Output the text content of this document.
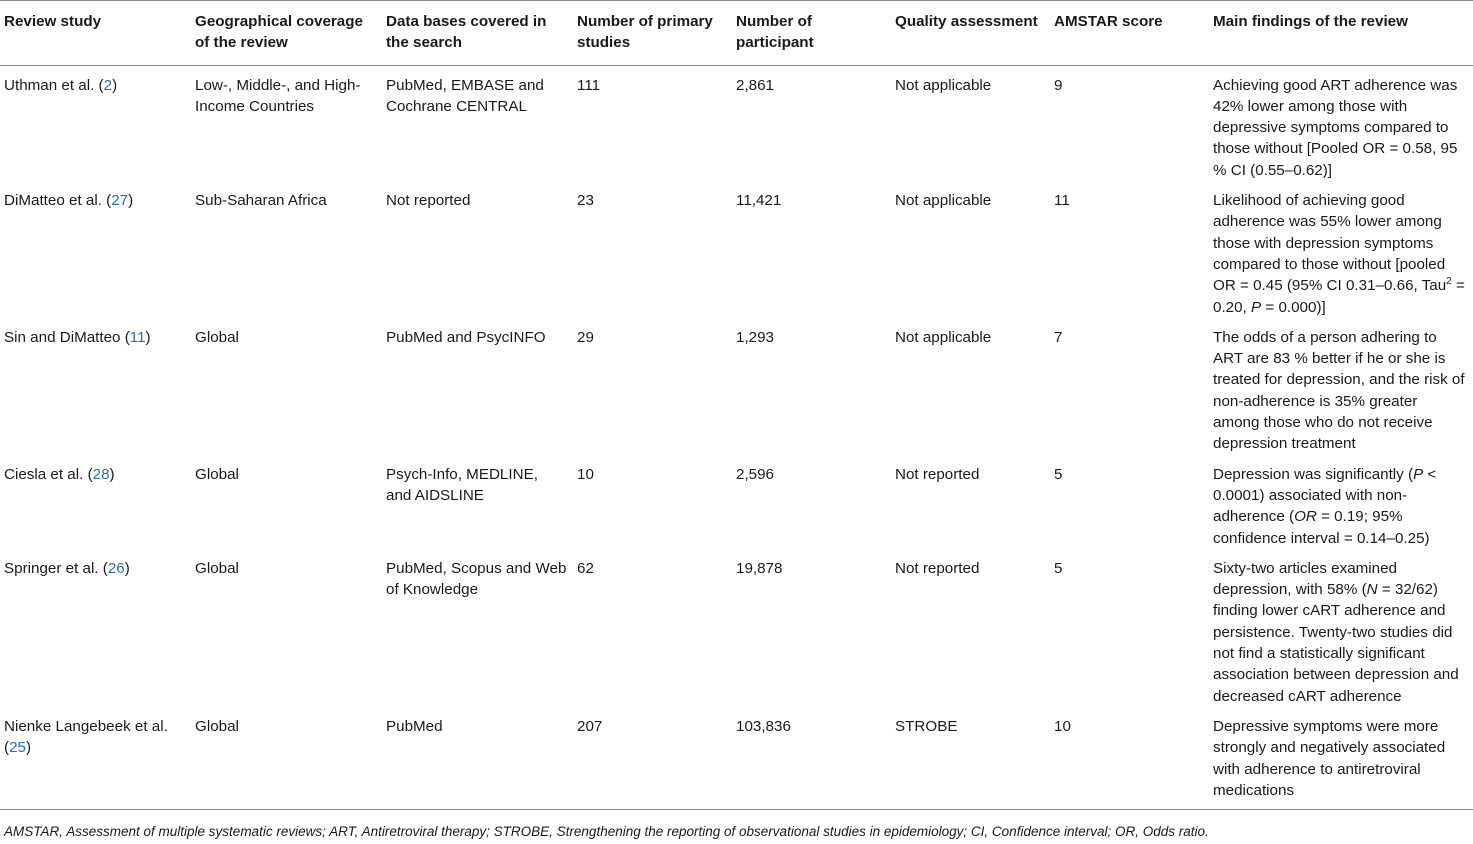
Review study	Geographical coverage of the review	Data bases covered in the search	Number of primary studies	Number of participant	Quality assessment	AMSTAR score	Main findings of the review
Uthman et al. (2)	Low-, Middle-, and High-Income Countries	PubMed, EMBASE and Cochrane CENTRAL	111	2,861	Not applicable	9	Achieving good ART adherence was 42% lower among those with depressive symptoms compared to those without [Pooled OR = 0.58, 95 % CI (0.55–0.62)]
DiMatteo et al. (27)	Sub-Saharan Africa	Not reported	23	11,421	Not applicable	11	Likelihood of achieving good adherence was 55% lower among those with depression symptoms compared to those without [pooled OR = 0.45 (95% CI 0.31–0.66, Tau$^2$ = 0.20, P = 0.000)]
Sin and DiMatteo (11)	Global	PubMed and PsycINFO	29	1,293	Not applicable	7	The odds of a person adhering to ART are 83 % better if he or she is treated for depression, and the risk of non-adherence is 35% greater among those who do not receive depression treatment
Ciesla et al. (28)	Global	Psych-Info, MEDLINE, and AIDSLINE	10	2,596	Not reported	5	Depression was significantly (P < 0.0001) associated with non-adherence (OR = 0.19; 95% confidence interval = 0.14–0.25)
Springer et al. (26)	Global	PubMed, Scopus and Web of Knowledge	62	19,878	Not reported	5	Sixty-two articles examined depression, with 58% (N = 32/62) finding lower cART adherence and persistence. Twenty-two studies did not find a statistically significant association between depression and decreased cART adherence
Nienke Langebeek et al. (25)	Global	PubMed	207	103,836	STROBE	10	Depressive symptoms were more strongly and negatively associated with adherence to antiretroviral medications
AMSTAR, Assessment of multiple systematic reviews; ART, Antiretroviral therapy; STROBE, Strengthening the reporting of observational studies in epidemiology; CI, Confidence interval; OR, Odds ratio.
